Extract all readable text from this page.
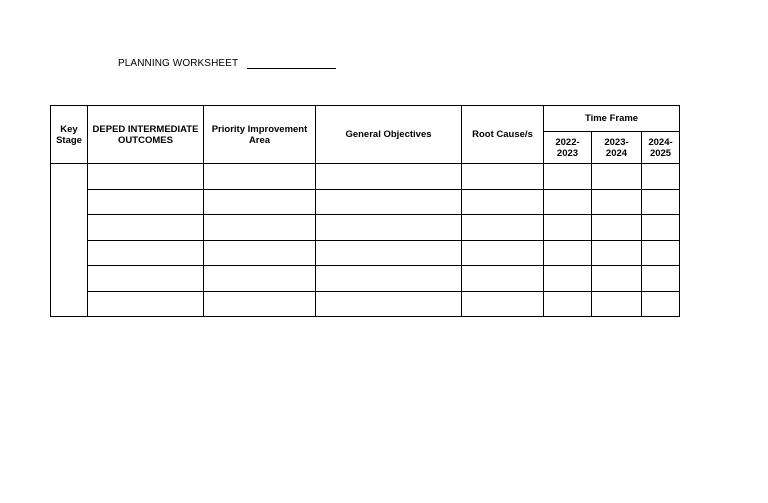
PLANNING WORKSHEET
Key Stage	DEPED INTERMEDIATE OUTCOMES	Priority Improvement Area	General Objectives	Root Cause/s	Time Frame		
					2022-2023	2023-2024	2024-2025
